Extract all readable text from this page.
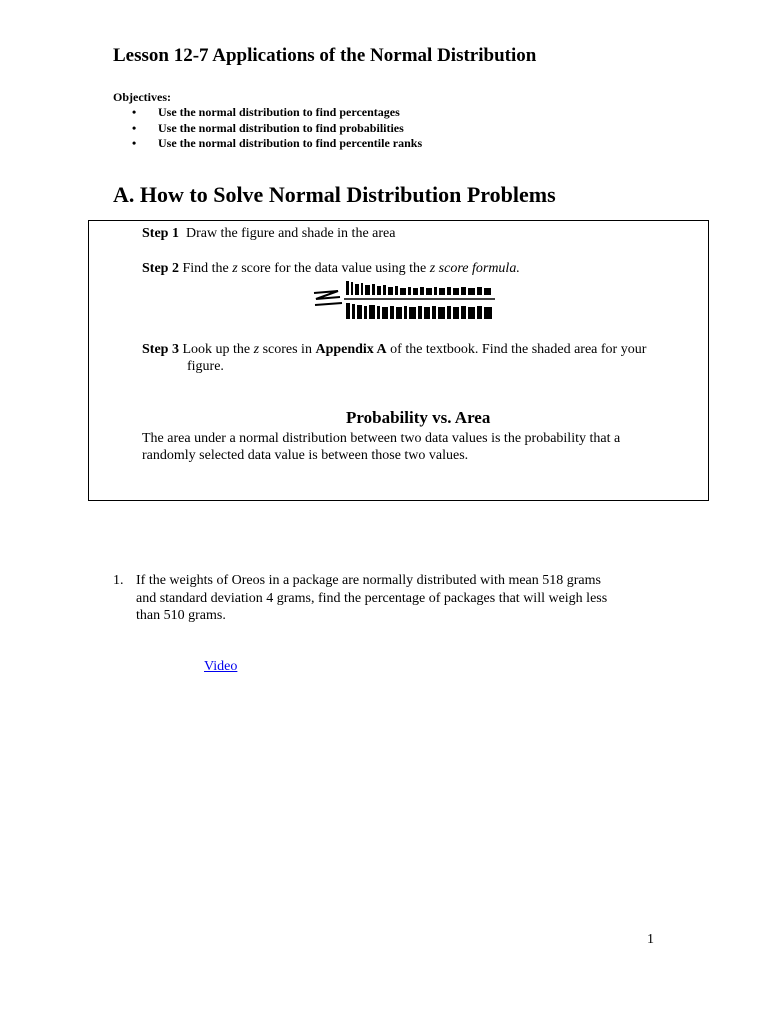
Lesson 12-7 Applications of the Normal Distribution
Objectives:
• Use the normal distribution to find percentages
• Use the normal distribution to find probabilities
• Use the normal distribution to find percentile ranks
A. How to Solve Normal Distribution Problems
Step 1 Draw the figure and shade in the area
Step 2 Find the z score for the data value using the z score formula.
Step 3 Look up the z scores in Appendix A of the textbook. Find the shaded area for your
figure.
Probability vs. Area
The area under a normal distribution between two data values is the probability that a
randomly selected data value is between those two values.
1. If the weights of Oreos in a package are normally distributed with mean 518 grams
and standard deviation 4 grams, find the percentage of packages that will weigh less
than 510 grams.
Video
1
